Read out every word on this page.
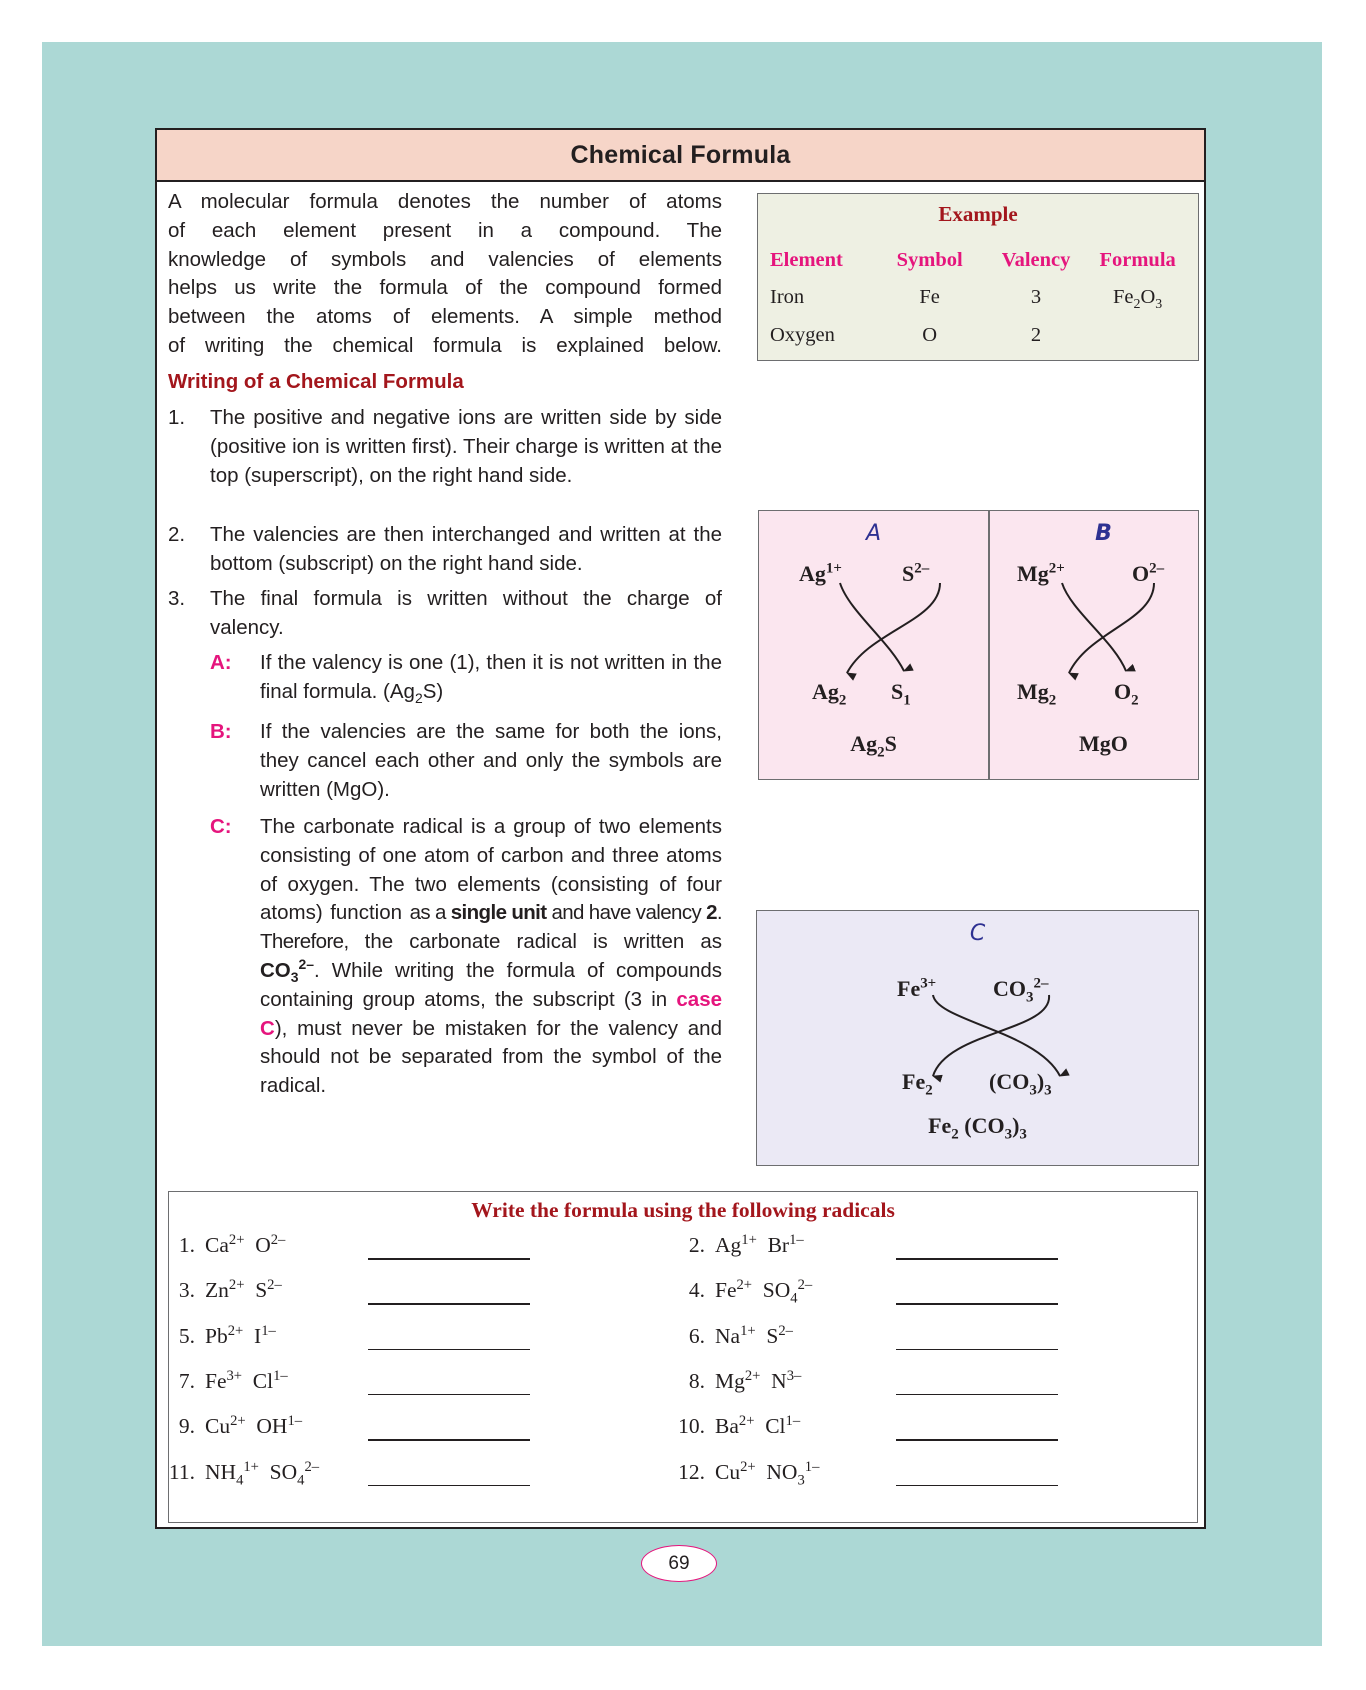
Chemical Formula
A molecular formula denotes the number of atoms
of each element present in a compound. The
knowledge of symbols and valencies of elements
helps us write the formula of the compound formed
between the atoms of elements. A simple method
of writing the chemical formula is explained below.
Writing of a Chemical Formula
1. The positive and negative ions are written side by side (positive ion is written first). Their charge is written at the top (superscript), on the right hand side.
2. The valencies are then interchanged and written at the bottom (subscript) on the right hand side.
3. The final formula is written without the charge of valency.
A: If the valency is one (1), then it is not written in the final formula. $(Ag_2S)$
B: If the valencies are the same for both the ions, they cancel each other and only the symbols are written (MgO).
C: The carbonate radical is a group of two elements consisting of one atom of carbon and three atoms of oxygen. The two elements (consisting of four atoms) function as a single unit and have valency 2. Therefore, the carbonate radical is written as $CO_3^{2-}$. While writing the formula of compounds containing group atoms, the subscript (3 in case C), must never be mistaken for the valency and should not be separated from the symbol of the radical.
Example
Element	Symbol	Valency	Formula
Iron	Fe	3	$Fe_2O_3$
Oxygen	O	2
A
$Ag^{1+}$	$S^{2-}$
$Ag_2$ $S_1$
$Ag_2S$
B
$Mg^{2+}$	$O^{2-}$
$Mg_2$	$O_2$
MgO
C
$Fe^{3+}$	$CO_3^{2-}$
$Fe_2$	$(CO_3)_3$
$Fe_2$ $(CO_3)_3$
Write the formula using the following radicals
1. $Ca^{2+}$  $O^{2-}$	2. $Ag^{1+}$  $Br^{1-}$
3. $Zn^{2+}$  $S^{2-}$	4. $Fe^{2+}$  $SO_4^{2-}$
5. $Pb^{2+}$  $I^{1-}$	6. $Na^{1+}$  $S^{2-}$
7. $Fe^{3+}$  $Cl^{1-}$	8. $Mg^{2+}$  $N^{3-}$
9. $Cu^{2+}$  $OH^{1-}$	10. $Ba^{2+}$  $Cl^{1-}$
11. $NH_4^{1+}$  $SO_4^{2-}$	12. $Cu^{2+}$  $NO_3^{1-}$
69
